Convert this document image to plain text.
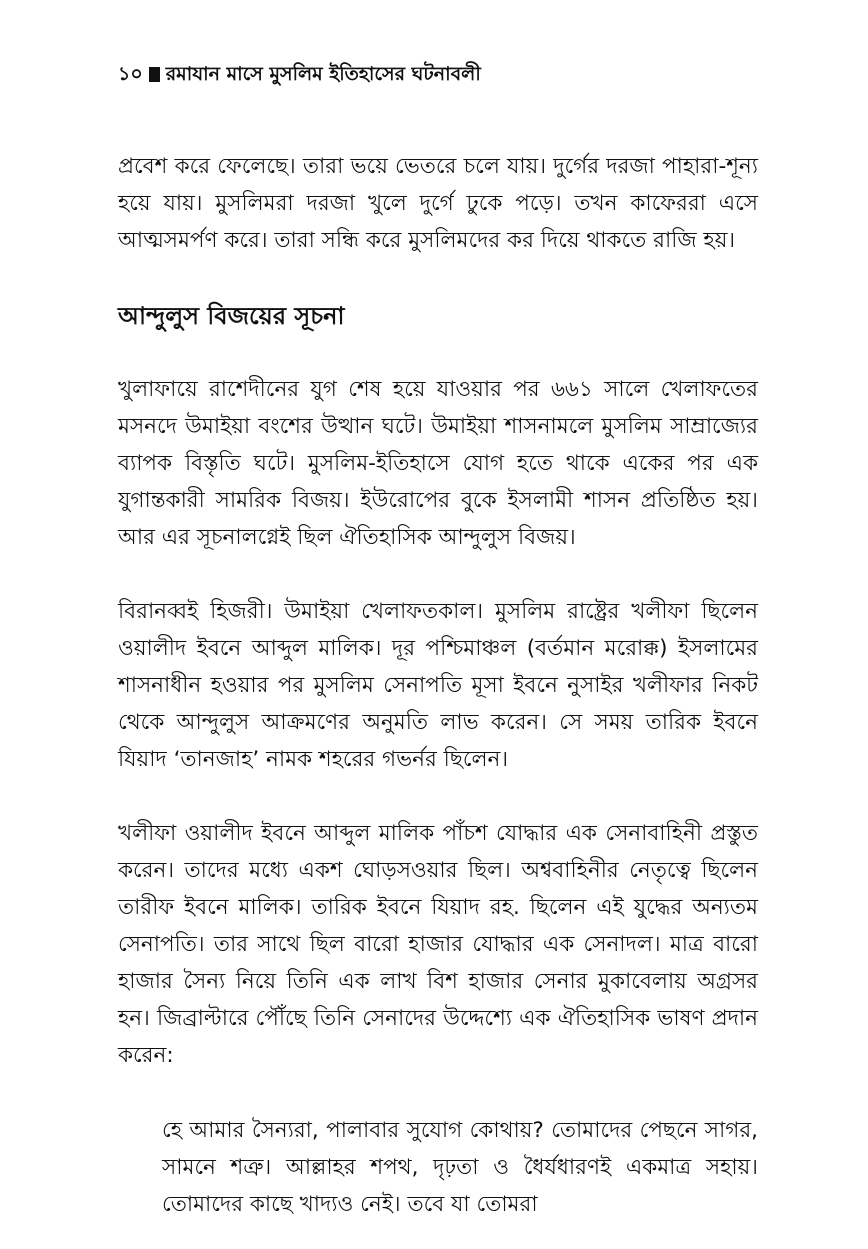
১০ রমাযান মাসে মুসলিম ইতিহাসের ঘটনাবলী

প্রবেশ করে ফেলেছে। তারা ভয়ে ভেতরে চলে যায়। দুর্গের দরজা পাহারা-শূন্য হয়ে যায়। মুসলিমরা দরজা খুলে দুর্গে ঢুকে পড়ে। তখন কাফেররা এসে আত্মসমর্পণ করে। তারা সন্ধি করে মুসলিমদের কর দিয়ে থাকতে রাজি হয়।

আন্দুলুস বিজয়ের সূচনা

খুলাফায়ে রাশেদীনের যুগ শেষ হয়ে যাওয়ার পর ৬৬১ সালে খেলাফতের মসনদে উমাইয়া বংশের উত্থান ঘটে। উমাইয়া শাসনামলে মুসলিম সাম্রাজ্যের ব্যাপক বিস্তৃতি ঘটে। মুসলিম-ইতিহাসে যোগ হতে থাকে একের পর এক যুগান্তকারী সামরিক বিজয়। ইউরোপের বুকে ইসলামী শাসন প্রতিষ্ঠিত হয়। আর এর সূচনালগ্নেই ছিল ঐতিহাসিক আন্দুলুস বিজয়।

বিরানব্বই হিজরী। উমাইয়া খেলাফতকাল। মুসলিম রাষ্ট্রের খলীফা ছিলেন ওয়ালীদ ইবনে আব্দুল মালিক। দূর পশ্চিমাঞ্চল (বর্তমান মরোক্ক) ইসলামের শাসনাধীন হওয়ার পর মুসলিম সেনাপতি মূসা ইবনে নুসাইর খলীফার নিকট থেকে আন্দুলুস আক্রমণের অনুমতি লাভ করেন। সে সময় তারিক ইবনে যিয়াদ ‘তানজাহ’ নামক শহরের গভর্নর ছিলেন।

খলীফা ওয়ালীদ ইবনে আব্দুল মালিক পাঁচশ যোদ্ধার এক সেনাবাহিনী প্রস্তুত করেন। তাদের মধ্যে একশ ঘোড়সওয়ার ছিল। অশ্ববাহিনীর নেতৃত্বে ছিলেন তারীফ ইবনে মালিক। তারিক ইবনে যিয়াদ রহ. ছিলেন এই যুদ্ধের অন্যতম সেনাপতি। তার সাথে ছিল বারো হাজার যোদ্ধার এক সেনাদল। মাত্র বারো হাজার সৈন্য নিয়ে তিনি এক লাখ বিশ হাজার সেনার মুকাবেলায় অগ্রসর হন। জিব্রাল্টারে পৌঁছে তিনি সেনাদের উদ্দেশ্যে এক ঐতিহাসিক ভাষণ প্রদান করেন:

হে আমার সৈন্যরা, পালাবার সুযোগ কোথায়? তোমাদের পেছনে সাগর, সামনে শত্রু। আল্লাহর শপথ, দৃঢ়তা ও ধৈর্যধারণই একমাত্র সহায়। তোমাদের কাছে খাদ্যও নেই। তবে যা তোমরা
